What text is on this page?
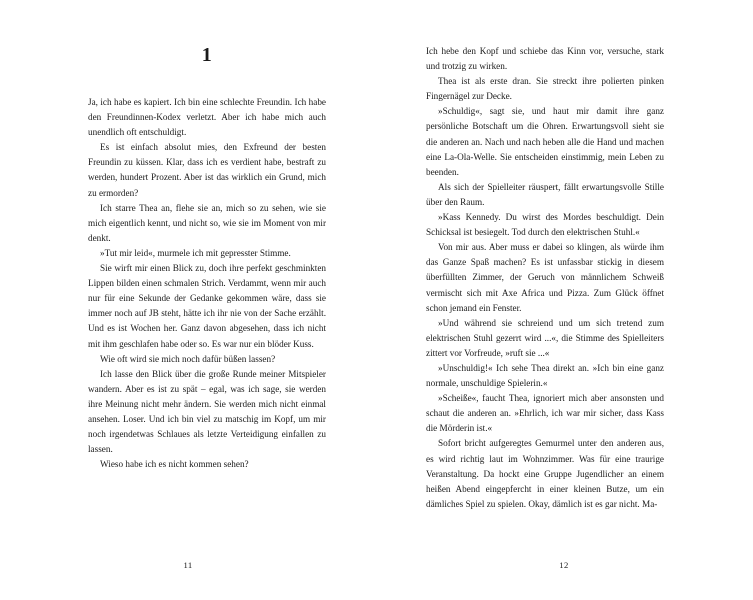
1

Ja, ich habe es kapiert. Ich bin eine schlechte Freundin. Ich habe den Freundinnen-Kodex verletzt. Aber ich habe mich auch unendlich oft entschuldigt.

Es ist einfach absolut mies, den Exfreund der besten Freundin zu küssen. Klar, dass ich es verdient habe, bestraft zu werden, hundert Prozent. Aber ist das wirklich ein Grund, mich zu ermorden?

Ich starre Thea an, flehe sie an, mich so zu sehen, wie sie mich eigentlich kennt, und nicht so, wie sie im Moment von mir denkt.

»Tut mir leid«, murmele ich mit gepresster Stimme.

Sie wirft mir einen Blick zu, doch ihre perfekt geschminkten Lippen bilden einen schmalen Strich. Verdammt, wenn mir auch nur für eine Sekunde der Gedanke gekommen wäre, dass sie immer noch auf JB steht, hätte ich ihr nie von der Sache erzählt. Und es ist Wochen her. Ganz davon abgesehen, dass ich nicht mit ihm geschlafen habe oder so. Es war nur ein blöder Kuss.

Wie oft wird sie mich noch dafür büßen lassen?

Ich lasse den Blick über die große Runde meiner Mitspieler wandern. Aber es ist zu spät – egal, was ich sage, sie werden ihre Meinung nicht mehr ändern. Sie werden mich nicht einmal ansehen. Loser. Und ich bin viel zu matschig im Kopf, um mir noch irgendetwas Schlaues als letzte Verteidigung einfallen zu lassen.

Wieso habe ich es nicht kommen sehen?

11

Ich hebe den Kopf und schiebe das Kinn vor, versuche, stark und trotzig zu wirken.

Thea ist als erste dran. Sie streckt ihre polierten pinken Fingernägel zur Decke.

»Schuldig«, sagt sie, und haut mir damit ihre ganz persönliche Botschaft um die Ohren. Erwartungsvoll sieht sie die anderen an. Nach und nach heben alle die Hand und machen eine La-Ola-Welle. Sie entscheiden einstimmig, mein Leben zu beenden.

Als sich der Spielleiter räuspert, fällt erwartungsvolle Stille über den Raum.

»Kass Kennedy. Du wirst des Mordes beschuldigt. Dein Schicksal ist besiegelt. Tod durch den elektrischen Stuhl.«

Von mir aus. Aber muss er dabei so klingen, als würde ihm das Ganze Spaß machen? Es ist unfassbar stickig in diesem überfüllten Zimmer, der Geruch von männlichem Schweiß vermischt sich mit Axe Africa und Pizza. Zum Glück öffnet schon jemand ein Fenster.

»Und während sie schreiend und um sich tretend zum elektrischen Stuhl gezerrt wird ...«, die Stimme des Spielleiters zittert vor Vorfreude, »ruft sie ...«

»Unschuldig!« Ich sehe Thea direkt an. »Ich bin eine ganz normale, unschuldige Spielerin.«

»Scheiße«, faucht Thea, ignoriert mich aber ansonsten und schaut die anderen an. »Ehrlich, ich war mir sicher, dass Kass die Mörderin ist.«

Sofort bricht aufgeregtes Gemurmel unter den anderen aus, es wird richtig laut im Wohnzimmer. Was für eine traurige Veranstaltung. Da hockt eine Gruppe Jugendlicher an einem heißen Abend eingepfercht in einer kleinen Butze, um ein dämliches Spiel zu spielen. Okay, dämlich ist es gar nicht. Ma-

12
